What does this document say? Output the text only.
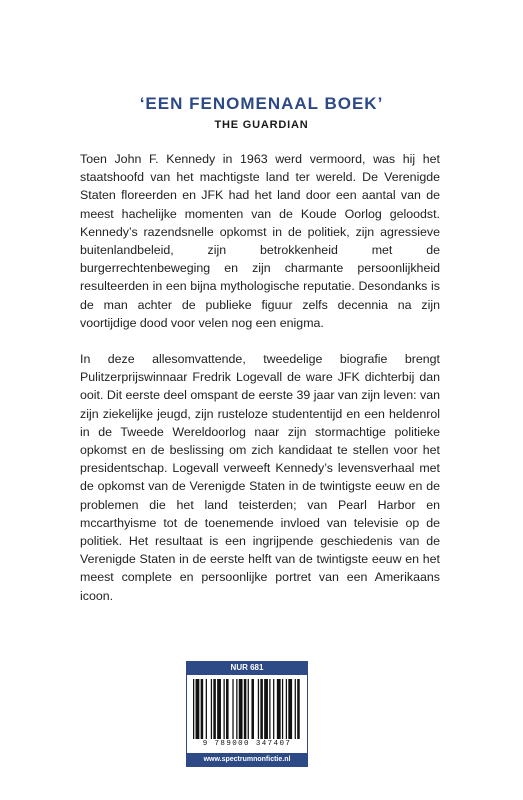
‘EEN FENOMENAAL BOEK’
THE GUARDIAN

Toen John F. Kennedy in 1963 werd vermoord, was hij het staatshoofd van het machtigste land ter wereld. De Verenigde Staten floreerden en JFK had het land door een aantal van de meest hachelijke momenten van de Koude Oorlog geloodst. Kennedy’s razendsnelle opkomst in de politiek, zijn agressieve buitenlandbeleid, zijn betrokkenheid met de burgerrechtenbeweging en zijn charmante persoonlijkheid resulteerden in een bijna mythologische reputatie. Desondanks is de man achter de publieke figuur zelfs decennia na zijn voortijdige dood voor velen nog een enigma.

In deze allesomvattende, tweedelige biografie brengt Pulitzerprijswinnaar Fredrik Logevall de ware JFK dichterbij dan ooit. Dit eerste deel omspant de eerste 39 jaar van zijn leven: van zijn ziekelijke jeugd, zijn rusteloze studententijd en een heldenrol in de Tweede Wereldoorlog naar zijn stormachtige politieke opkomst en de beslissing om zich kandidaat te stellen voor het presidentschap. Logevall verweeft Kennedy’s levensverhaal met de opkomst van de Verenigde Staten in de twintigste eeuw en de problemen die het land teisterden; van Pearl Harbor en mccarthyisme tot de toenemende invloed van televisie op de politiek. Het resultaat is een ingrijpende geschiedenis van de Verenigde Staten in de eerste helft van de twintigste eeuw en het meest complete en persoonlijke portret van een Amerikaans icoon.

NUR 681
9 789000 347407
www.spectrumnonfictie.nl
